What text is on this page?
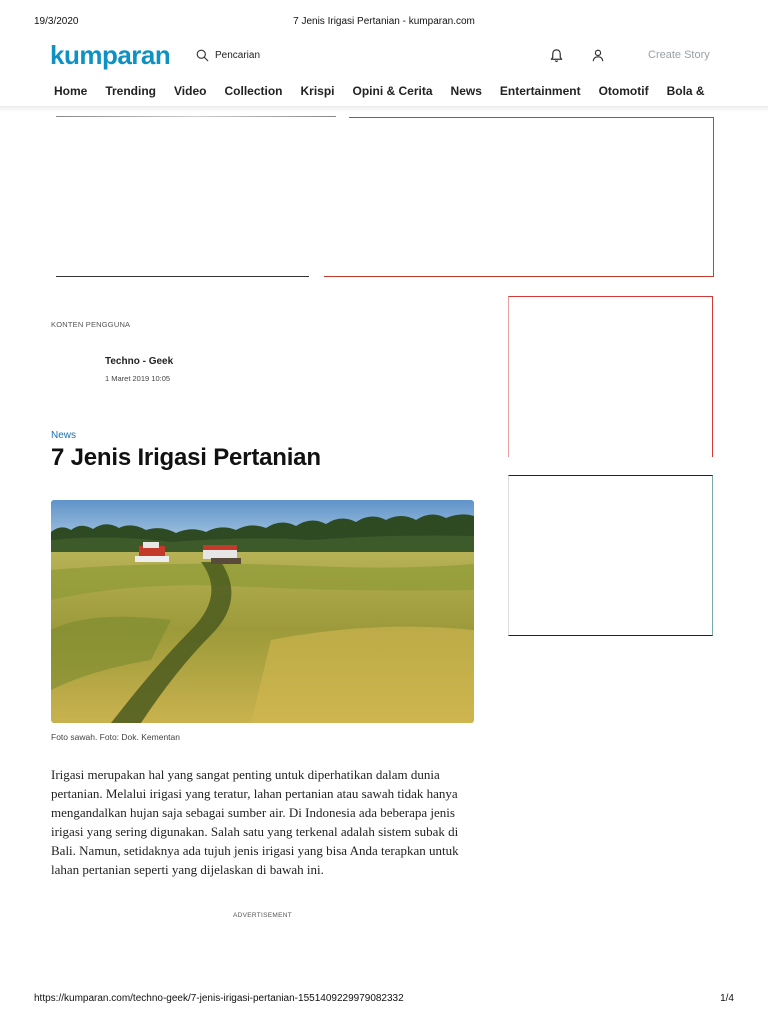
19/3/2020	7 Jenis Irigasi Pertanian - kumparan.com
kumparan
Pencarian	Create Story
Home Trending Video Collection Krispi Opini & Cerita News Entertainment Otomotif Bola &
KONTEN PENGGUNA
Techno - Geek
1 Maret 2019 10:05
News
7 Jenis Irigasi Pertanian
Foto sawah. Foto: Dok. Kementan
Irigasi merupakan hal yang sangat penting untuk diperhatikan dalam dunia pertanian. Melalui irigasi yang teratur, lahan pertanian atau sawah tidak hanya mengandalkan hujan saja sebagai sumber air. Di Indonesia ada beberapa jenis irigasi yang sering digunakan. Salah satu yang terkenal adalah sistem subak di Bali. Namun, setidaknya ada tujuh jenis irigasi yang bisa Anda terapkan untuk lahan pertanian seperti yang dijelaskan di bawah ini.
ADVERTISEMENT
https://kumparan.com/techno-geek/7-jenis-irigasi-pertanian-1551409229979082332	1/4
